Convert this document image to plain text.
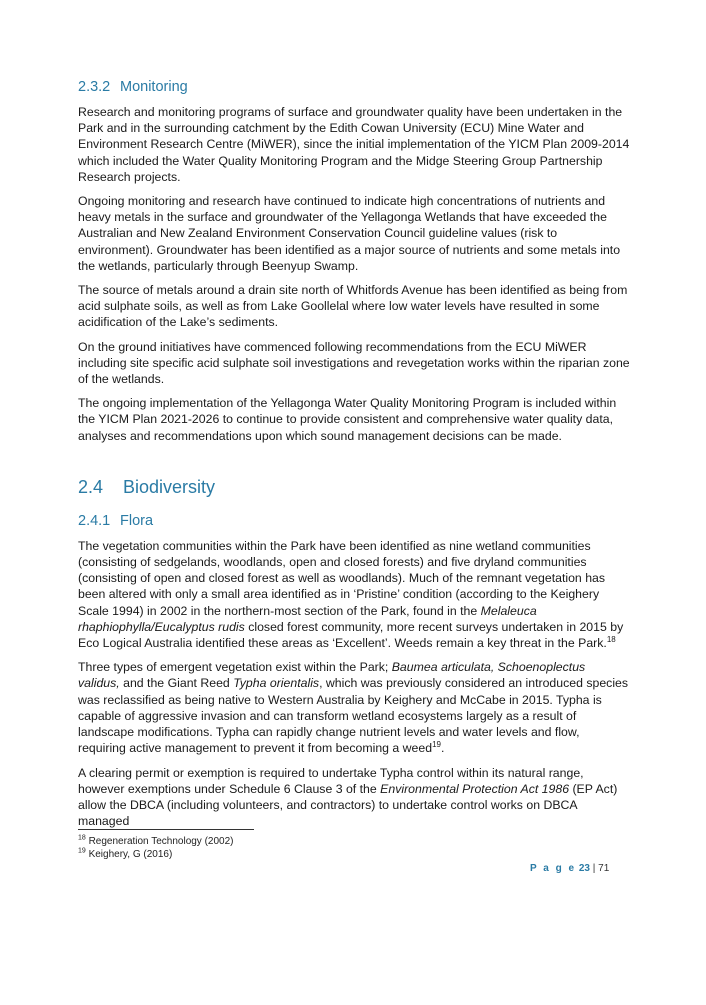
2.3.2 Monitoring

Research and monitoring programs of surface and groundwater quality have been undertaken in the Park and in the surrounding catchment by the Edith Cowan University (ECU) Mine Water and Environment Research Centre (MiWER), since the initial implementation of the YICM Plan 2009-2014 which included the Water Quality Monitoring Program and the Midge Steering Group Partnership Research projects.

Ongoing monitoring and research have continued to indicate high concentrations of nutrients and heavy metals in the surface and groundwater of the Yellagonga Wetlands that have exceeded the Australian and New Zealand Environment Conservation Council guideline values (risk to environment). Groundwater has been identified as a major source of nutrients and some metals into the wetlands, particularly through Beenyup Swamp.

The source of metals around a drain site north of Whitfords Avenue has been identified as being from acid sulphate soils, as well as from Lake Goollelal where low water levels have resulted in some acidification of the Lake’s sediments.

On the ground initiatives have commenced following recommendations from the ECU MiWER including site specific acid sulphate soil investigations and revegetation works within the riparian zone of the wetlands.

The ongoing implementation of the Yellagonga Water Quality Monitoring Program is included within the YICM Plan 2021-2026 to continue to provide consistent and comprehensive water quality data, analyses and recommendations upon which sound management decisions can be made.

2.4 Biodiversity
2.4.1 Flora

The vegetation communities within the Park have been identified as nine wetland communities (consisting of sedgelands, woodlands, open and closed forests) and five dryland communities (consisting of open and closed forest as well as woodlands). Much of the remnant vegetation has been altered with only a small area identified as in ‘Pristine’ condition (according to the Keighery Scale 1994) in 2002 in the northern-most section of the Park, found in the Melaleuca rhaphiophylla/Eucalyptus rudis closed forest community, more recent surveys undertaken in 2015 by Eco Logical Australia identified these areas as ‘Excellent’. Weeds remain a key threat in the Park.$^{18}$

Three types of emergent vegetation exist within the Park; Baumea articulata, Schoenoplectus validus, and the Giant Reed Typha orientalis, which was previously considered an introduced species was reclassified as being native to Western Australia by Keighery and McCabe in 2015. Typha is capable of aggressive invasion and can transform wetland ecosystems largely as a result of landscape modifications. Typha can rapidly change nutrient levels and water levels and flow, requiring active management to prevent it from becoming a weed$^{19}$.

A clearing permit or exemption is required to undertake Typha control within its natural range, however exemptions under Schedule 6 Clause 3 of the Environmental Protection Act 1986 (EP Act) allow the DBCA (including volunteers, and contractors) to undertake control works on DBCA managed

$^{18}$ Regeneration Technology (2002)
$^{19}$ Keighery, G (2016)
P a g e 23 | 71
